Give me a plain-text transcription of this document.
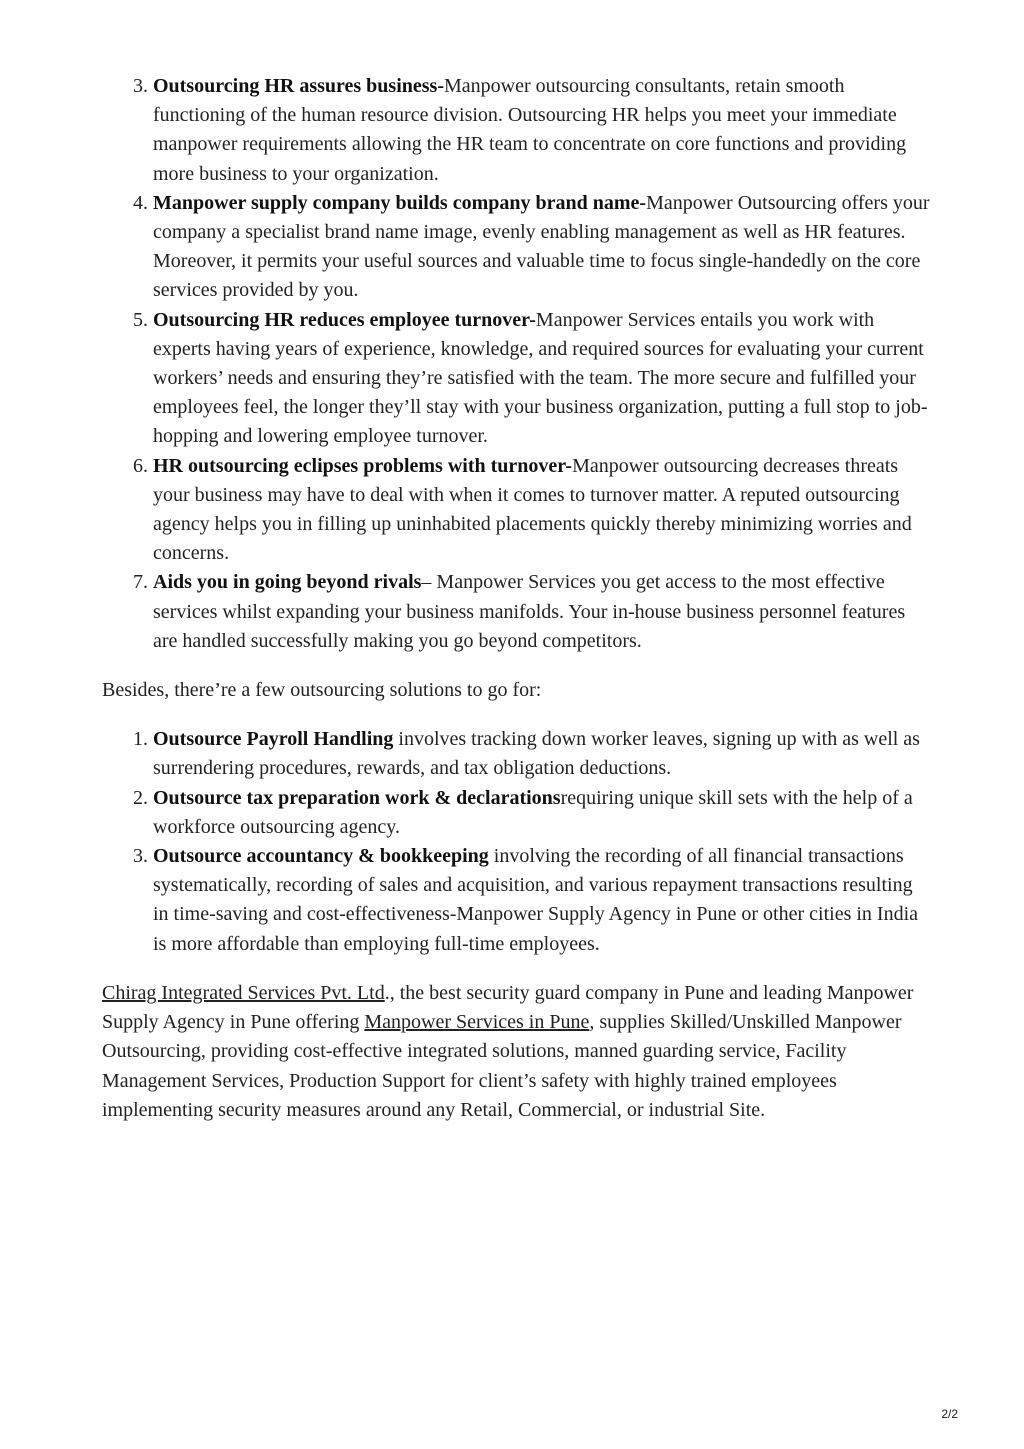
3. Outsourcing HR assures business-Manpower outsourcing consultants, retain smooth functioning of the human resource division. Outsourcing HR helps you meet your immediate manpower requirements allowing the HR team to concentrate on core functions and providing more business to your organization.
4. Manpower supply company builds company brand name-Manpower Outsourcing offers your company a specialist brand name image, evenly enabling management as well as HR features. Moreover, it permits your useful sources and valuable time to focus single-handedly on the core services provided by you.
5. Outsourcing HR reduces employee turnover-Manpower Services entails you work with experts having years of experience, knowledge, and required sources for evaluating your current workers’ needs and ensuring they’re satisfied with the team. The more secure and fulfilled your employees feel, the longer they’ll stay with your business organization, putting a full stop to job-hopping and lowering employee turnover.
6. HR outsourcing eclipses problems with turnover-Manpower outsourcing decreases threats your business may have to deal with when it comes to turnover matter. A reputed outsourcing agency helps you in filling up uninhabited placements quickly thereby minimizing worries and concerns.
7. Aids you in going beyond rivals– Manpower Services you get access to the most effective services whilst expanding your business manifolds. Your in-house business personnel features are handled successfully making you go beyond competitors.

Besides, there’re a few outsourcing solutions to go for:

1. Outsource Payroll Handling involves tracking down worker leaves, signing up with as well as surrendering procedures, rewards, and tax obligation deductions.
2. Outsource tax preparation work & declarationsrequiring unique skill sets with the help of a workforce outsourcing agency.
3. Outsource accountancy & bookkeeping involving the recording of all financial transactions systematically, recording of sales and acquisition, and various repayment transactions resulting in time-saving and cost-effectiveness-Manpower Supply Agency in Pune or other cities in India is more affordable than employing full-time employees.

Chirag Integrated Services Pvt. Ltd., the best security guard company in Pune and leading Manpower Supply Agency in Pune offering Manpower Services in Pune, supplies Skilled/Unskilled Manpower Outsourcing, providing cost-effective integrated solutions, manned guarding service, Facility Management Services, Production Support for client’s safety with highly trained employees implementing security measures around any Retail, Commercial, or industrial Site.

2/2
